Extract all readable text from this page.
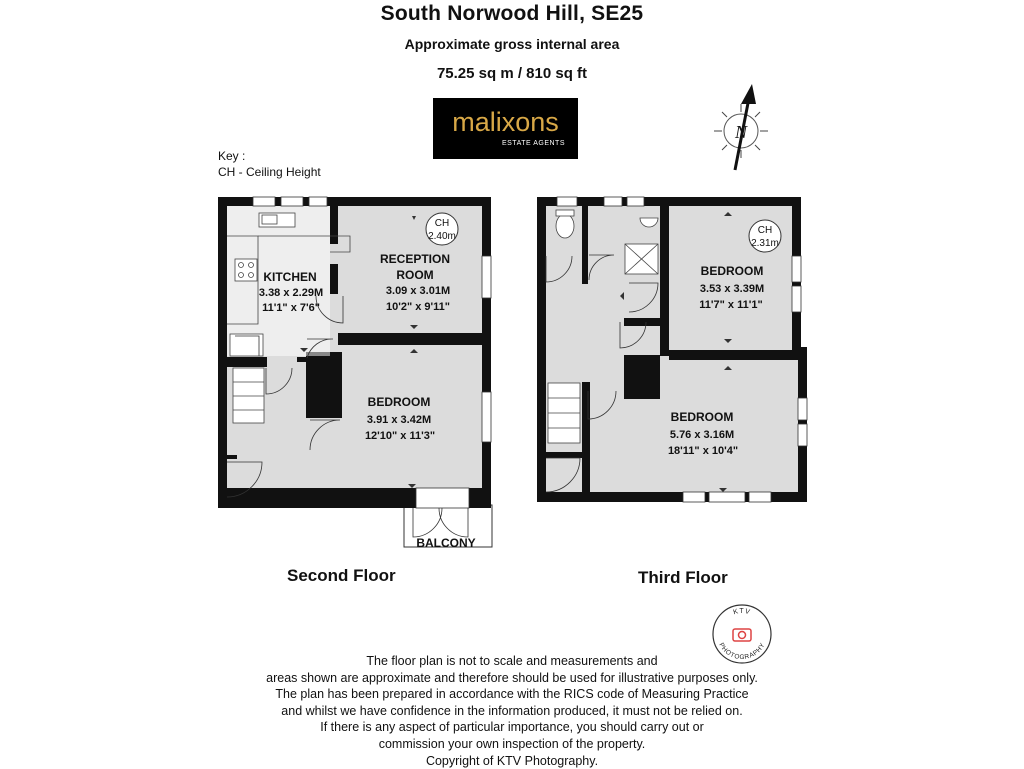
South Norwood Hill, SE25
Approximate gross internal area
75.25 sq m / 810 sq ft
malixons
ESTATE AGENTS
Key :
CH - Ceiling Height
N
KITCHEN
3.38 x 2.29M
11'1" x 7'6"
RECEPTION
ROOM
3.09 x 3.01M
10'2" x 9'11"
BEDROOM
3.91 x 3.42M
12'10" x 11'3"
BALCONY
CH
2.40m
BEDROOM
3.53 x 3.39M
11'7" x 11'1"
BEDROOM
5.76 x 3.16M
18'11" x 10'4"
CH
2.31m
Second Floor	Third Floor
KTV
PHOTOGRAPHY
The floor plan is not to scale and measurements and
areas shown are approximate and therefore should be used for illustrative purposes only.
The plan has been prepared in accordance with the RICS code of Measuring Practice
and whilst we have confidence in the information produced, it must not be relied on.
If there is any aspect of particular importance, you should carry out or
commission your own inspection of the property.
Copyright of KTV Photography.
